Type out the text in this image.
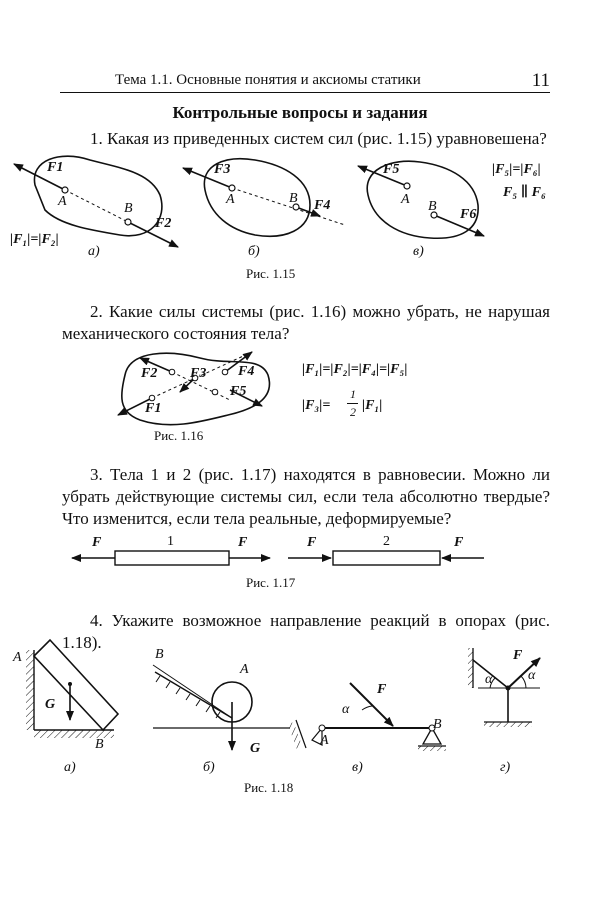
Тема 1.1. Основные понятия и аксиомы статики	11
Контрольные вопросы и задания
1. Какая из приведенных систем сил (рис. 1.15) уравновешена?
F1
A	B
F2
|F₁|=|F₂|
а)
F3
A	B F4
б)
F5
A B
F6
|F₅|=|F₆|
F₅ ∥ F₆
в)
Рис. 1.15
2. Какие силы системы (рис. 1.16) можно убрать, не нарушая механического состояния тела?
F2 F3 F4
F5
F1
|F₁|=|F₂|=|F₄|=|F₅|
|F₃|=
1
2 |F₁|
Рис. 1.16
3. Тела 1 и 2 (рис. 1.17) находятся в равновесии. Можно ли убрать действующие системы сил, если тела абсолютно твердые? Что изменится, если тела реальные, деформируемые?
F	1	F	F	2	F
Рис. 1.17
4. Укажите возможное направление реакций в опорах (рис. 1.18).
A
G
B
а)
B
A
G
б)
F
α
A
B
в)
F
α	α
г)
Рис. 1.18
